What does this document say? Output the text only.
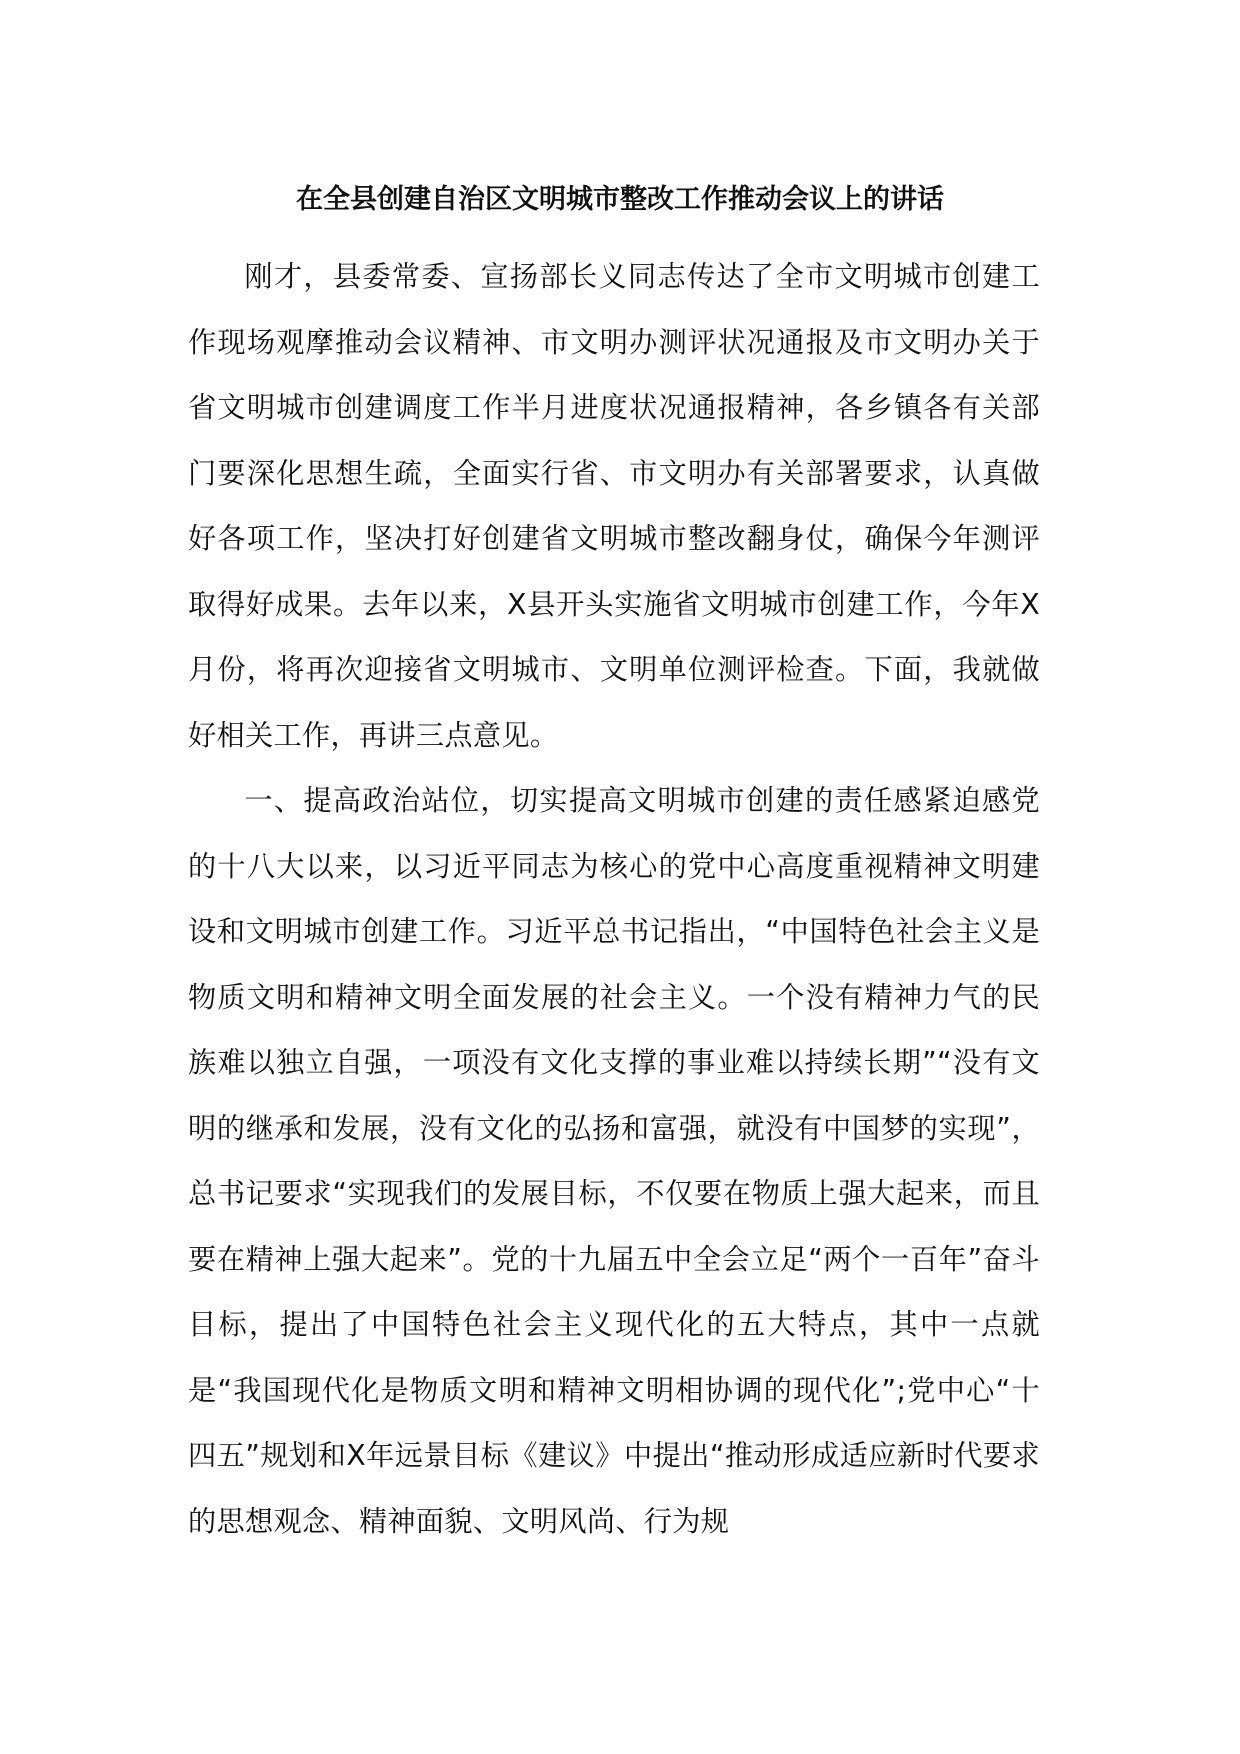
在全县创建自治区文明城市整改工作推动会议上的讲话

刚才，县委常委、宣扬部长义同志传达了全市文明城市创建工作现场观摩推动会议精神、市文明办测评状况通报及市文明办关于省文明城市创建调度工作半月进度状况通报精神，各乡镇各有关部门要深化思想生疏，全面实行省、市文明办有关部署要求，认真做好各项工作，坚决打好创建省文明城市整改翻身仗，确保今年测评取得好成果。去年以来，X县开头实施省文明城市创建工作，今年X月份，将再次迎接省文明城市、文明单位测评检查。下面，我就做好相关工作，再讲三点意见。

一、提高政治站位，切实提高文明城市创建的责任感紧迫感党的十八大以来，以习近平同志为核心的党中心高度重视精神文明建设和文明城市创建工作。习近平总书记指出，“中国特色社会主义是物质文明和精神文明全面发展的社会主义。一个没有精神力气的民族难以独立自强，一项没有文化支撑的事业难以持续长期”“没有文明的继承和发展，没有文化的弘扬和富强，就没有中国梦的实现”，总书记要求“实现我们的发展目标，不仅要在物质上强大起来，而且要在精神上强大起来”。党的十九届五中全会立足“两个一百年”奋斗目标，提出了中国特色社会主义现代化的五大特点，其中一点就是“我国现代化是物质文明和精神文明相协调的现代化”;党中心“十四五”规划和X年远景目标《建议》中提出“推动形成适应新时代要求的思想观念、精神面貌、文明风尚、行为规
